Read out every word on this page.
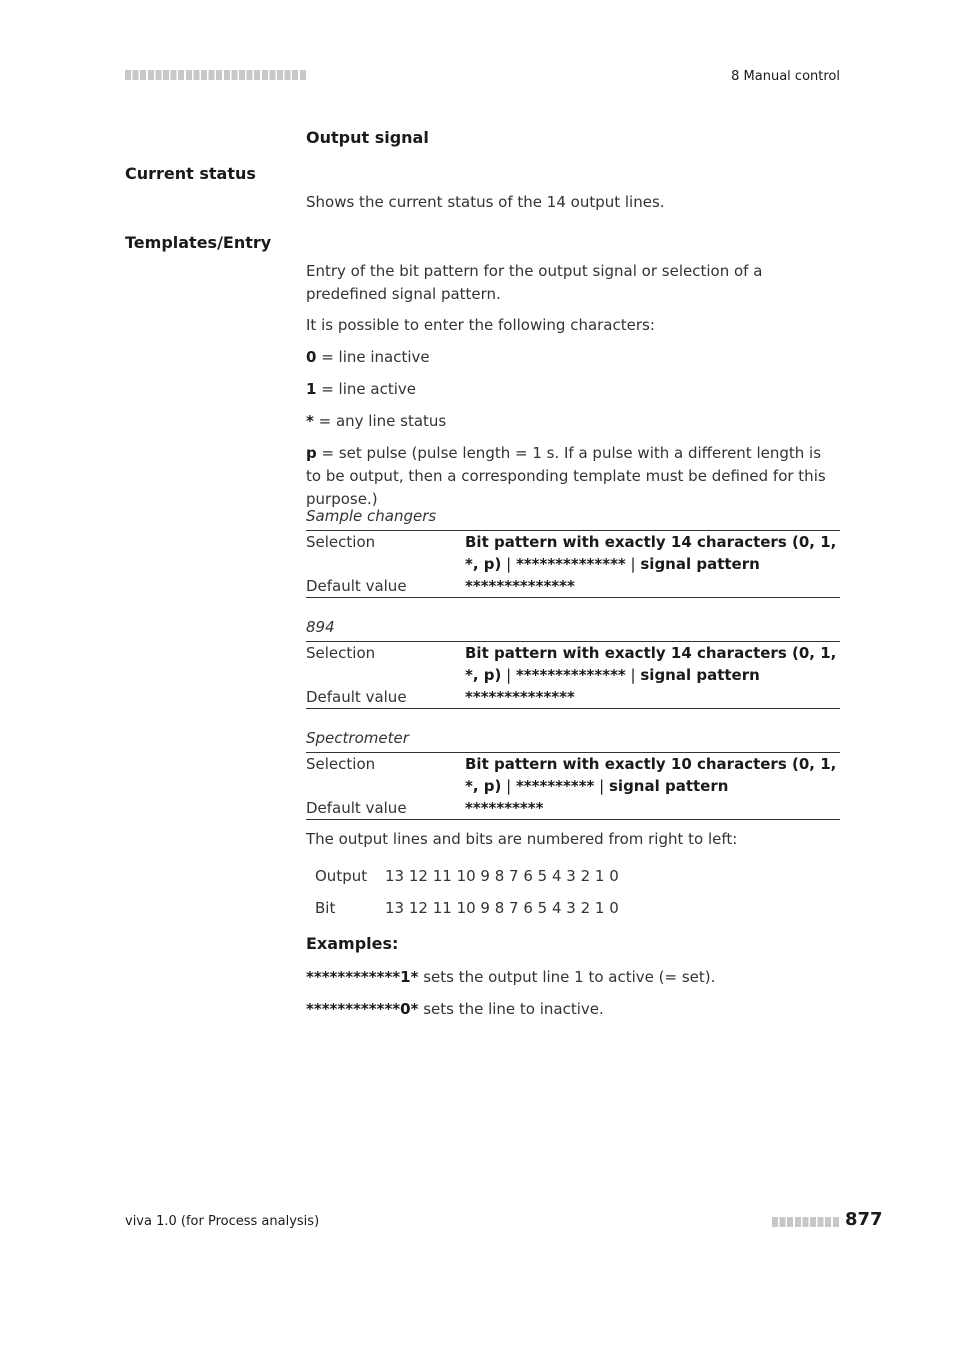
8 Manual control
Output signal
Current status
Shows the current status of the 14 output lines.
Templates/Entry
Entry of the bit pattern for the output signal or selection of a predefined signal pattern.
It is possible to enter the following characters:
0 = line inactive
1 = line active
* = any line status
p = set pulse (pulse length = 1 s. If a pulse with a different length is to be output, then a corresponding template must be defined for this purpose.)
Sample changers
Selection	Bit pattern with exactly 14 characters (0, 1, *, p) | ************** | signal pattern
Default value	**************
894
Selection	Bit pattern with exactly 14 characters (0, 1, *, p) | ************** | signal pattern
Default value	**************
Spectrometer
Selection	Bit pattern with exactly 10 characters (0, 1, *, p) | ********** | signal pattern
Default value	**********
The output lines and bits are numbered from right to left:
Output	13 12 11 10 9 8 7 6 5 4 3 2 1 0
Bit	13 12 11 10 9 8 7 6 5 4 3 2 1 0
Examples:
************1* sets the output line 1 to active (= set).
************0* sets the line to inactive.
viva 1.0 (for Process analysis)	877
